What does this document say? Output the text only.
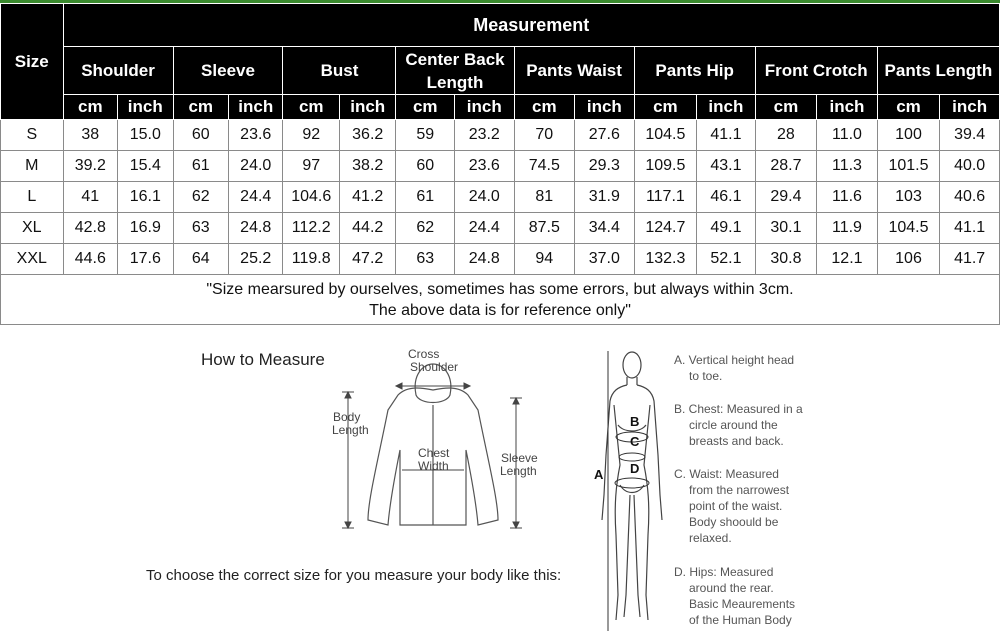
Size	Measurement															
	Shoulder		Sleeve		Bust		Center Back Length		Pants Waist		Pants Hip		Front Crotch		Pants Length	
	cm	inch	cm	inch	cm	inch	cm	inch	cm	inch	cm	inch	cm	inch	cm	inch
S	38	15.0	60	23.6	92	36.2	59	23.2	70	27.6	104.5	41.1	28	11.0	100	39.4
M	39.2	15.4	61	24.0	97	38.2	60	23.6	74.5	29.3	109.5	43.1	28.7	11.3	101.5	40.0
L	41	16.1	62	24.4	104.6	41.2	61	24.0	81	31.9	117.1	46.1	29.4	11.6	103	40.6
XL	42.8	16.9	63	24.8	112.2	44.2	62	24.4	87.5	34.4	124.7	49.1	30.1	11.9	104.5	41.1
XXL	44.6	17.6	64	25.2	119.8	47.2	63	24.8	94	37.0	132.3	52.1	30.8	12.1	106	41.7

"Size mearsured by ourselves, sometimes has some errors, but always within 3cm.
The above data is for reference only"																
How to Measure	Cross
Shoulder
Body
Length
Chest
Width
Sleeve
Length
To choose the correct size for you measure your body like this:
A
B
C
D
A. Vertical height head
to toe.
B. Chest: Measured in a
circle around the
breasts and back.
C. Waist: Measured
from the narrowest
point of the waist.
Body shoould be
relaxed.
D. Hips: Measured
around the rear.
Basic Meaurements
of the Human Body
